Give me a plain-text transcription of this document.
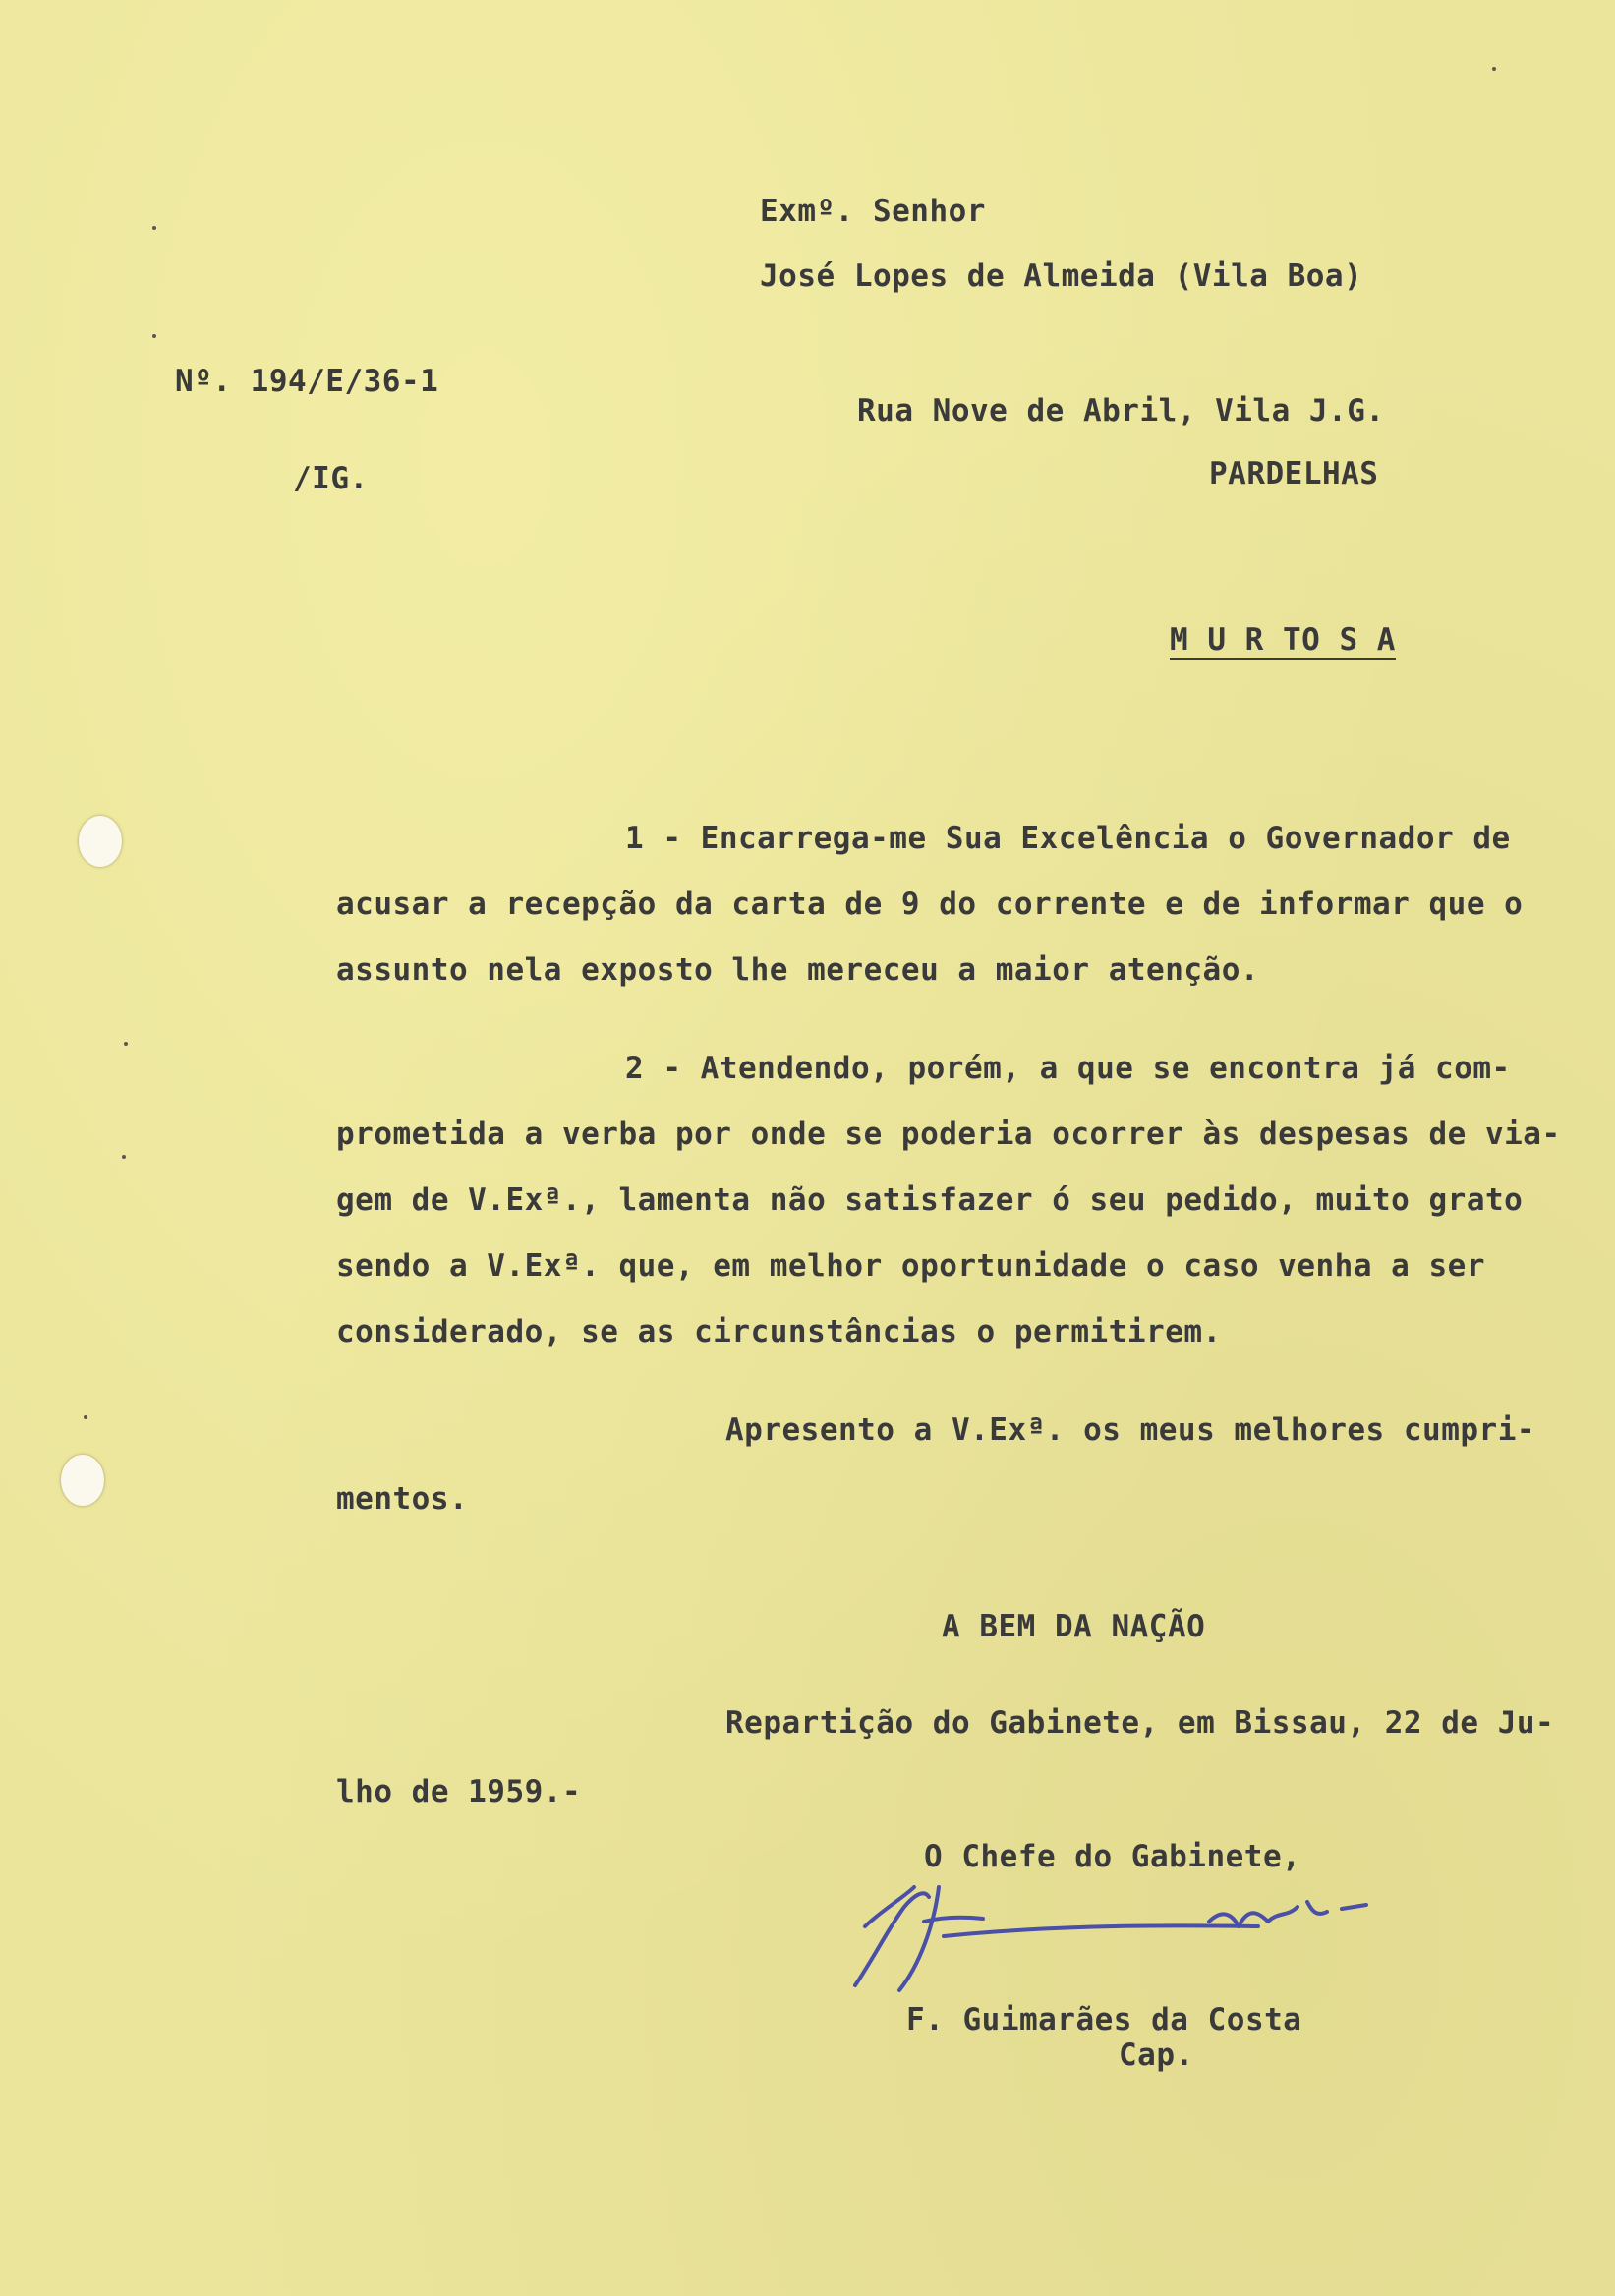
Exmº. Senhor
José Lopes de Almeida (Vila Boa)
Rua Nove de Abril, Vila J.G.
PARDELHAS
M U R TO S A
Nº. 194/E/36-1
/IG.
1 - Encarrega-me Sua Excelência o Governador de
acusar a recepção da carta de 9 do corrente e de informar que o
assunto nela exposto lhe mereceu a maior atenção.
2 - Atendendo, porém, a que se encontra já com-
prometida a verba por onde se poderia ocorrer às despesas de via-
gem de V.Exª., lamenta não satisfazer ó seu pedido, muito grato
sendo a V.Exª. que, em melhor oportunidade o caso venha a ser
considerado, se as circunstâncias o permitirem.
Apresento a V.Exª. os meus melhores cumpri-
mentos.
A BEM DA NAÇÃO
Repartição do Gabinete, em Bissau, 22 de Ju-
lho de 1959.-
O Chefe do Gabinete,
F. Guimarães da Costa
Cap.
